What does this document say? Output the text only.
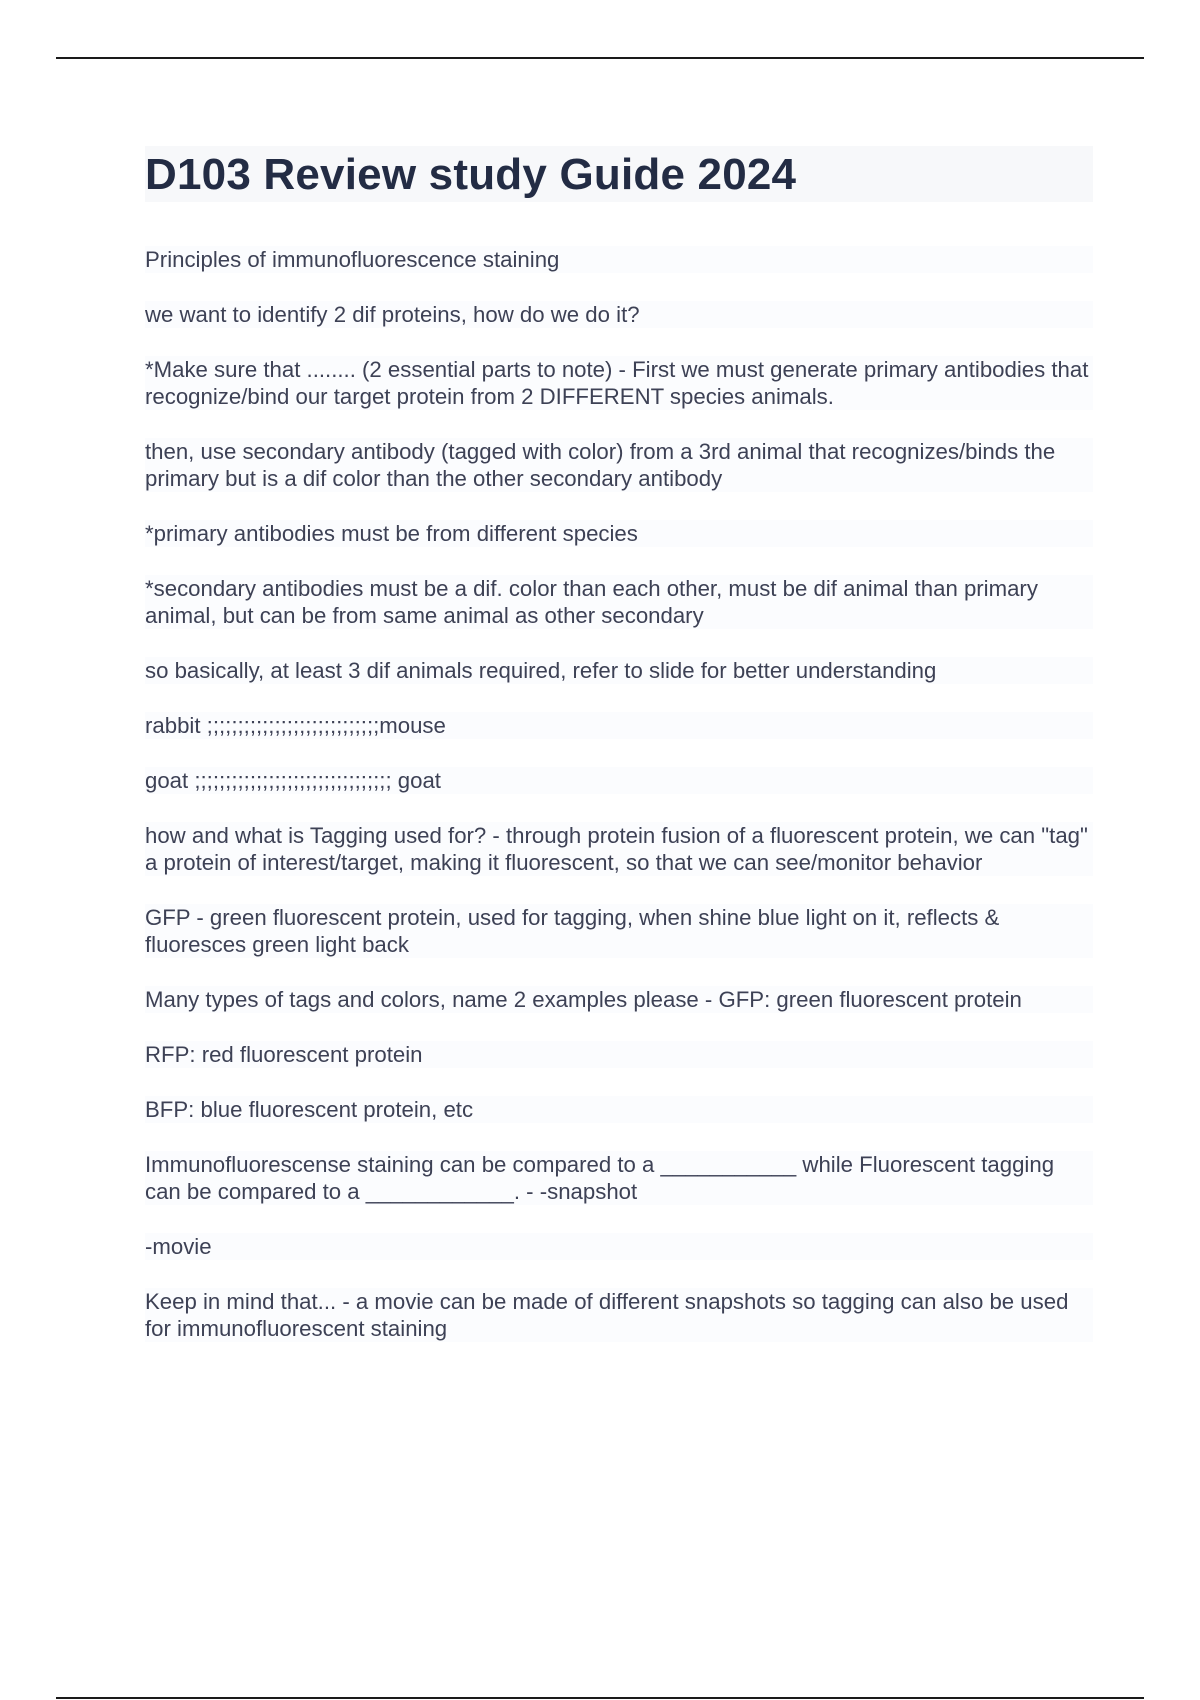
D103 Review study Guide 2024

Principles of immunofluorescence staining

we want to identify 2 dif proteins, how do we do it?

*Make sure that ........ (2 essential parts to note) - First we must generate primary antibodies that recognize/bind our target protein from 2 DIFFERENT species animals.

then, use secondary antibody (tagged with color) from a 3rd animal that recognizes/binds the primary but is a dif color than the other secondary antibody

*primary antibodies must be from different species

*secondary antibodies must be a dif. color than each other, must be dif animal than primary animal, but can be from same animal as other secondary

so basically, at least 3 dif animals required, refer to slide for better understanding

rabbit ;;;;;;;;;;;;;;;;;;;;;;;;;;;;mouse

goat ;;;;;;;;;;;;;;;;;;;;;;;;;;;;;;;; goat

how and what is Tagging used for? - through protein fusion of a fluorescent protein, we can "tag" a protein of interest/target, making it fluorescent, so that we can see/monitor behavior

GFP - green fluorescent protein, used for tagging, when shine blue light on it, reflects & fluoresces green light back

Many types of tags and colors, name 2 examples please - GFP: green fluorescent protein

RFP: red fluorescent protein

BFP: blue fluorescent protein, etc

Immunofluorescense staining can be compared to a ___________ while Fluorescent tagging can be compared to a ____________. - -snapshot

-movie

Keep in mind that... - a movie can be made of different snapshots so tagging can also be used for immunofluorescent staining
